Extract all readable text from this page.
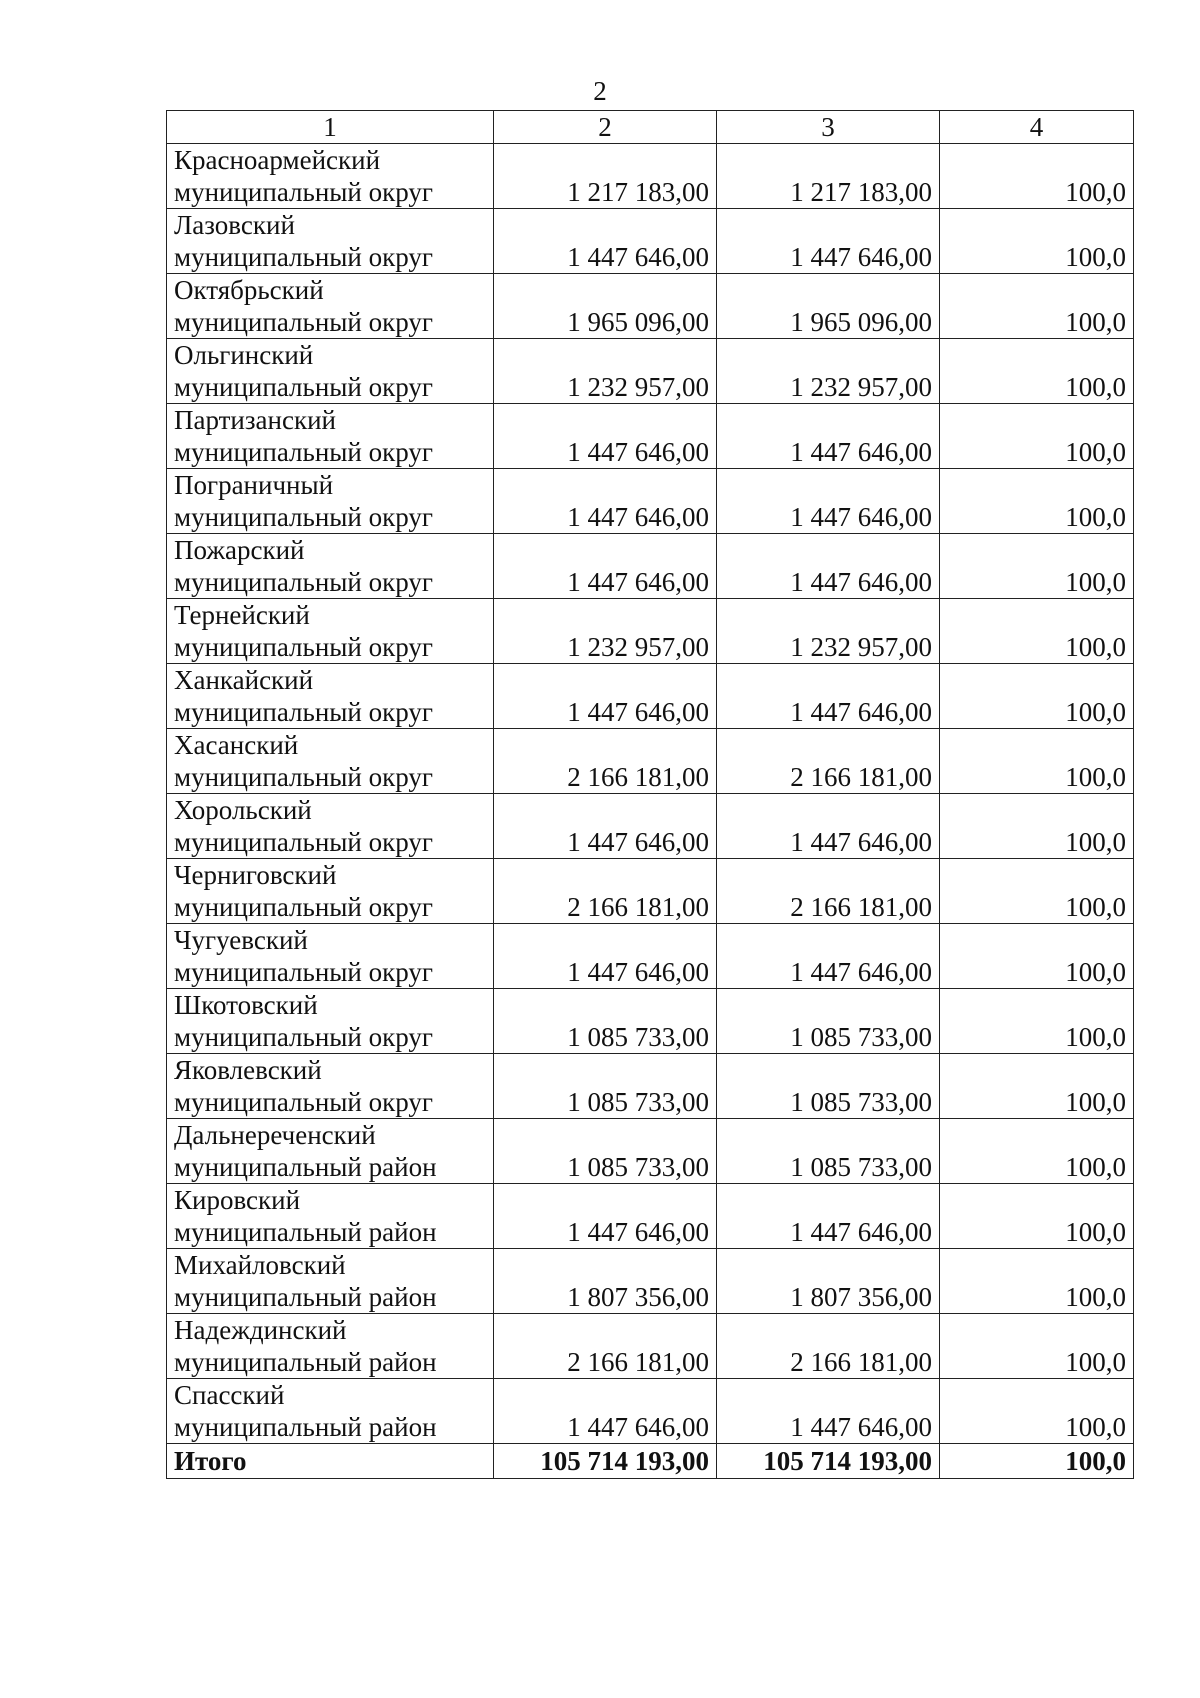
2
1	2	3	4

Красноармейский
муниципальный округ	1 217 183,00	1 217 183,00	100,0

Лазовский
муниципальный округ	1 447 646,00	1 447 646,00	100,0

Октябрьский
муниципальный округ	1 965 096,00	1 965 096,00	100,0

Ольгинский
муниципальный округ	1 232 957,00	1 232 957,00	100,0

Партизанский
муниципальный округ	1 447 646,00	1 447 646,00	100,0

Пограничный
муниципальный округ	1 447 646,00	1 447 646,00	100,0

Пожарский
муниципальный округ	1 447 646,00	1 447 646,00	100,0

Тернейский
муниципальный округ	1 232 957,00	1 232 957,00	100,0

Ханкайский
муниципальный округ	1 447 646,00	1 447 646,00	100,0

Хасанский
муниципальный округ	2 166 181,00	2 166 181,00	100,0

Хорольский
муниципальный округ	1 447 646,00	1 447 646,00	100,0

Черниговский
муниципальный округ	2 166 181,00	2 166 181,00	100,0

Чугуевский
муниципальный округ	1 447 646,00	1 447 646,00	100,0

Шкотовский
муниципальный округ	1 085 733,00	1 085 733,00	100,0

Яковлевский
муниципальный округ	1 085 733,00	1 085 733,00	100,0

Дальнереченский
муниципальный район	1 085 733,00	1 085 733,00	100,0

Кировский
муниципальный район	1 447 646,00	1 447 646,00	100,0

Михайловский
муниципальный район	1 807 356,00	1 807 356,00	100,0

Надеждинский
муниципальный район	2 166 181,00	2 166 181,00	100,0

Спасский
муниципальный район	1 447 646,00	1 447 646,00	100,0
Итого	105 714 193,00	105 714 193,00	100,0
